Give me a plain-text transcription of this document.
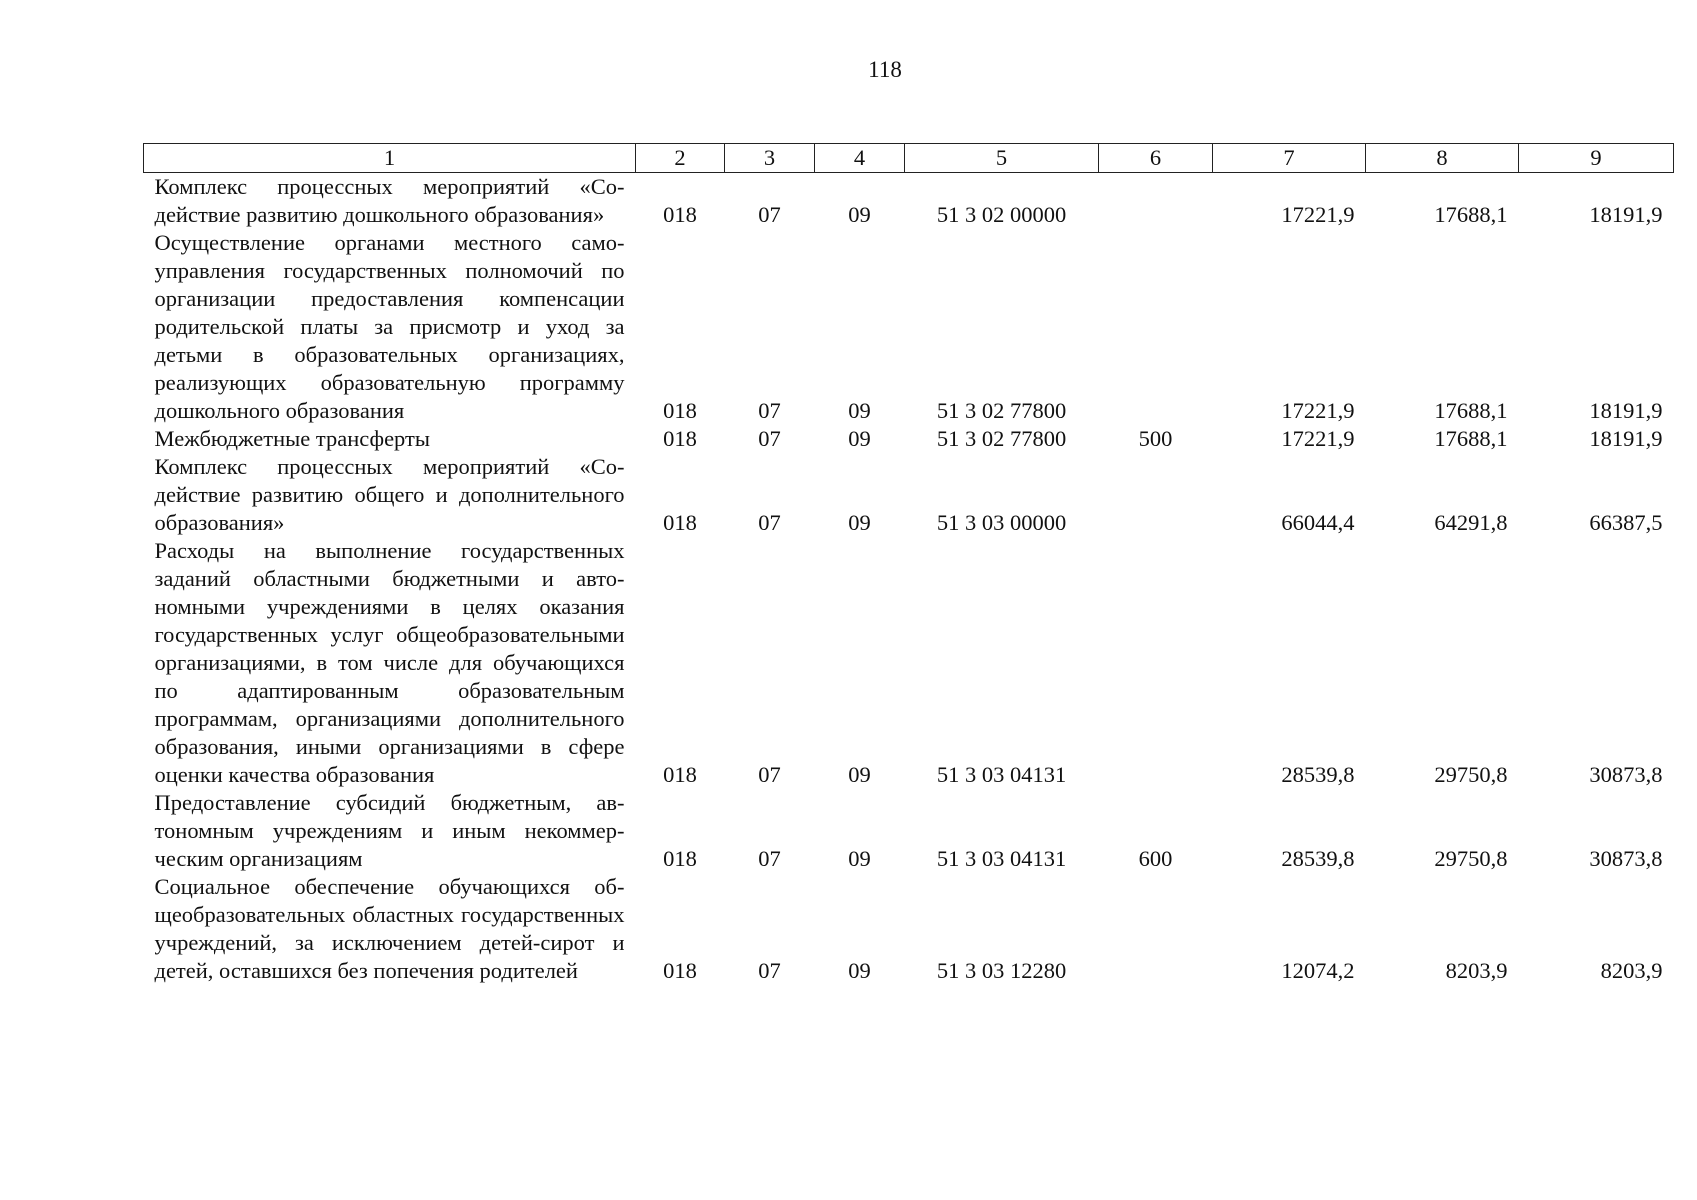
118
1	2	3	4	5	6	7	8	9
Комплекс процессных мероприятий «Содействие развитию дошкольного образования»	018	07	09	51 3 02 00000		17221,9	17688,1	18191,9
Осуществление органами местного самоуправления государственных полномочий по организации предоставления компенсации родительской платы за присмотр и уход за детьми в образовательных организациях, реализующих образовательную программу дошкольного образования	018	07	09	51 3 02 77800		17221,9	17688,1	18191,9
Межбюджетные трансферты	018	07	09	51 3 02 77800	500	17221,9	17688,1	18191,9
Комплекс процессных мероприятий «Содействие развитию общего и дополнительного образования»	018	07	09	51 3 03 00000		66044,4	64291,8	66387,5
Расходы на выполнение государственных заданий областными бюджетными и автономными учреждениями в целях оказания государственных услуг общеобразовательными организациями, в том числе для обучающихся по адаптированным образовательным программам, организациями дополнительного образования, иными организациями в сфере оценки качества образования	018	07	09	51 3 03 04131		28539,8	29750,8	30873,8
Предоставление субсидий бюджетным, автономным учреждениям и иным некоммерческим организациям	018	07	09	51 3 03 04131	600	28539,8	29750,8	30873,8
Социальное обеспечение обучающихся общеобразовательных областных государственных учреждений, за исключением детей-сирот и детей, оставшихся без попечения родителей	018	07	09	51 3 03 12280		12074,2	8203,9	8203,9
